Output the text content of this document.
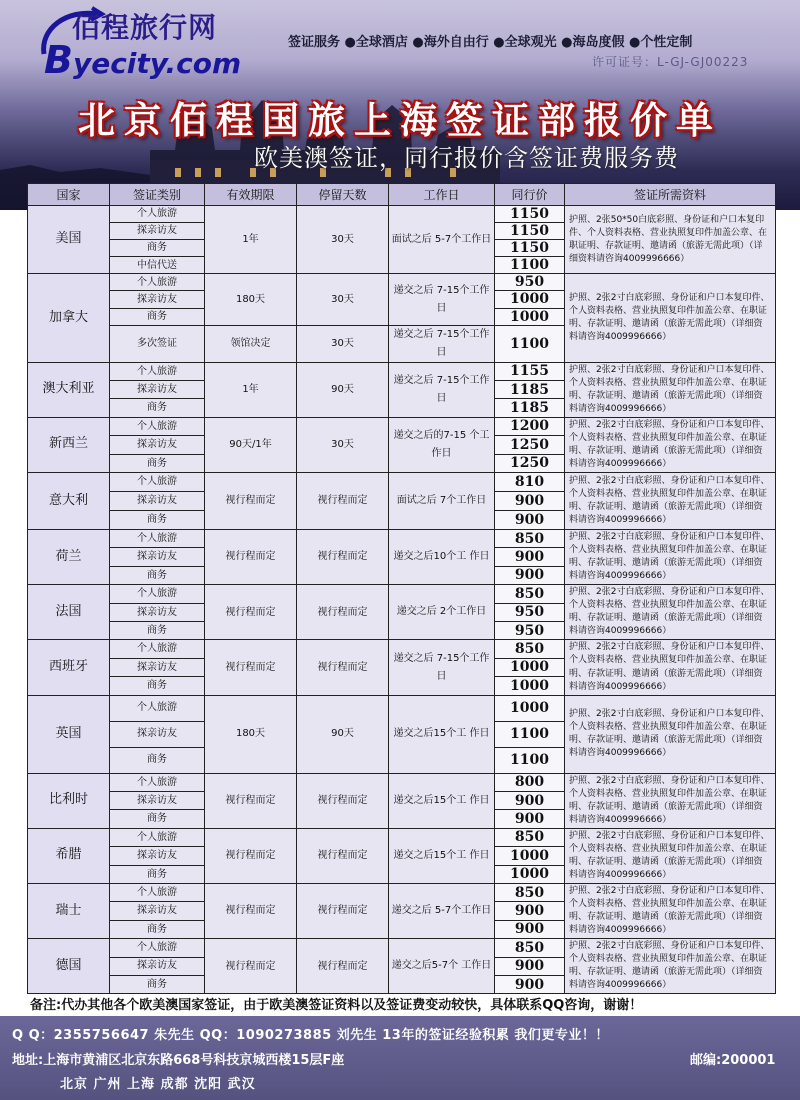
佰程旅行网
Byecity.com
签证服务 ●全球酒店 ●海外自由行 ●全球观光 ●海岛度假 ●个性定制
许可证号：L-GJ-GJ00223
北京佰程国旅上海签证部报价单
欧美澳签证，同行报价含签证费服务费
国家	签证类别	有效期限	停留天数	工作日	同行价	签证所需资料
美国	个人旅游	1年	30天	面试之后 5-7个工作日	1150	护照、2张50*50白底彩照、身份证和户口本复印件、个人资料表格、营业执照复印件加盖公章、在职证明、存款证明、邀请函（旅游无需此项）（详细资料请咨询4009996666）
	探亲访友				1150	
	商务				1150	
	中信代送				1100	
加拿大	个人旅游	180天	30天	递交之后 7-15个工作日	950	护照、2张2寸白底彩照、身份证和户口本复印件、个人资料表格、营业执照复印件加盖公章、在职证明、存款证明、邀请函（旅游无需此项）（详细资料请咨询4009996666）
	探亲访友				1000	
	商务				1000	
	多次签证	领馆决定	30天	递交之后 7-15个工作日	1100	
澳大利亚	个人旅游	1年	90天	递交之后 7-15个工作日	1155	护照、2张2寸白底彩照、身份证和户口本复印件、个人资料表格、营业执照复印件加盖公章、在职证明、存款证明、邀请函（旅游无需此项）（详细资料请咨询4009996666）
	探亲访友				1185	
	商务				1185	
新西兰	个人旅游	90天/1年	30天	递交之后的7-15 个工作日	1200	护照、2张2寸白底彩照、身份证和户口本复印件、个人资料表格、营业执照复印件加盖公章、在职证明、存款证明、邀请函（旅游无需此项）（详细资料请咨询4009996666）
	探亲访友				1250	
	商务				1250	
意大利	个人旅游	视行程而定	视行程而定	面试之后 7个工作日	810	护照、2张2寸白底彩照、身份证和户口本复印件、个人资料表格、营业执照复印件加盖公章、在职证明、存款证明、邀请函（旅游无需此项）（详细资料请咨询4009996666）
	探亲访友				900	
	商务				900	
荷兰	个人旅游	视行程而定	视行程而定	递交之后10个工 作日	850	护照、2张2寸白底彩照、身份证和户口本复印件、个人资料表格、营业执照复印件加盖公章、在职证明、存款证明、邀请函（旅游无需此项）（详细资料请咨询4009996666）
	探亲访友				900	
	商务				900	
法国	个人旅游	视行程而定	视行程而定	递交之后 2个工作日	850	护照、2张2寸白底彩照、身份证和户口本复印件、个人资料表格、营业执照复印件加盖公章、在职证明、存款证明、邀请函（旅游无需此项）（详细资料请咨询4009996666）
	探亲访友				950	
	商务				950	
西班牙	个人旅游	视行程而定	视行程而定	递交之后 7-15个工作日	850	护照、2张2寸白底彩照、身份证和户口本复印件、个人资料表格、营业执照复印件加盖公章、在职证明、存款证明、邀请函（旅游无需此项）（详细资料请咨询4009996666）
	探亲访友				1000	
	商务				1000	
英国	个人旅游	180天	90天	递交之后15个工 作日	1000	护照、2张2寸白底彩照、身份证和户口本复印件、个人资料表格、营业执照复印件加盖公章、在职证明、存款证明、邀请函（旅游无需此项）（详细资料请咨询4009996666）
	探亲访友				1100	
	商务				1100	
比利时	个人旅游	视行程而定	视行程而定	递交之后15个工 作日	800	护照、2张2寸白底彩照、身份证和户口本复印件、个人资料表格、营业执照复印件加盖公章、在职证明、存款证明、邀请函（旅游无需此项）（详细资料请咨询4009996666）
	探亲访友				900	
	商务				900	
希腊	个人旅游	视行程而定	视行程而定	递交之后15个工 作日	850	护照、2张2寸白底彩照、身份证和户口本复印件、个人资料表格、营业执照复印件加盖公章、在职证明、存款证明、邀请函（旅游无需此项）（详细资料请咨询4009996666）
	探亲访友				1000	
	商务				1000	
瑞士	个人旅游	视行程而定	视行程而定	递交之后 5-7个工作日	850	护照、2张2寸白底彩照、身份证和户口本复印件、个人资料表格、营业执照复印件加盖公章、在职证明、存款证明、邀请函（旅游无需此项）（详细资料请咨询4009996666）
	探亲访友				900	
	商务				900	
德国	个人旅游	视行程而定	视行程而定	递交之后5-7个 工作日	850	护照、2张2寸白底彩照、身份证和户口本复印件、个人资料表格、营业执照复印件加盖公章、在职证明、存款证明、邀请函（旅游无需此项）（详细资料请咨询4009996666）
	探亲访友				900	
	商务				900	
备注:代办其他各个欧美澳国家签证，由于欧美澳签证资料以及签证费变动较快，具体联系QQ咨询，谢谢！
Q Q：2355756647 朱先生 QQ：1090273885 刘先生 13年的签证经验积累 我们更专业！！
地址:上海市黄浦区北京东路668号科技京城西楼15层F座	邮编:200001
北京 广州 上海 成都 沈阳 武汉
